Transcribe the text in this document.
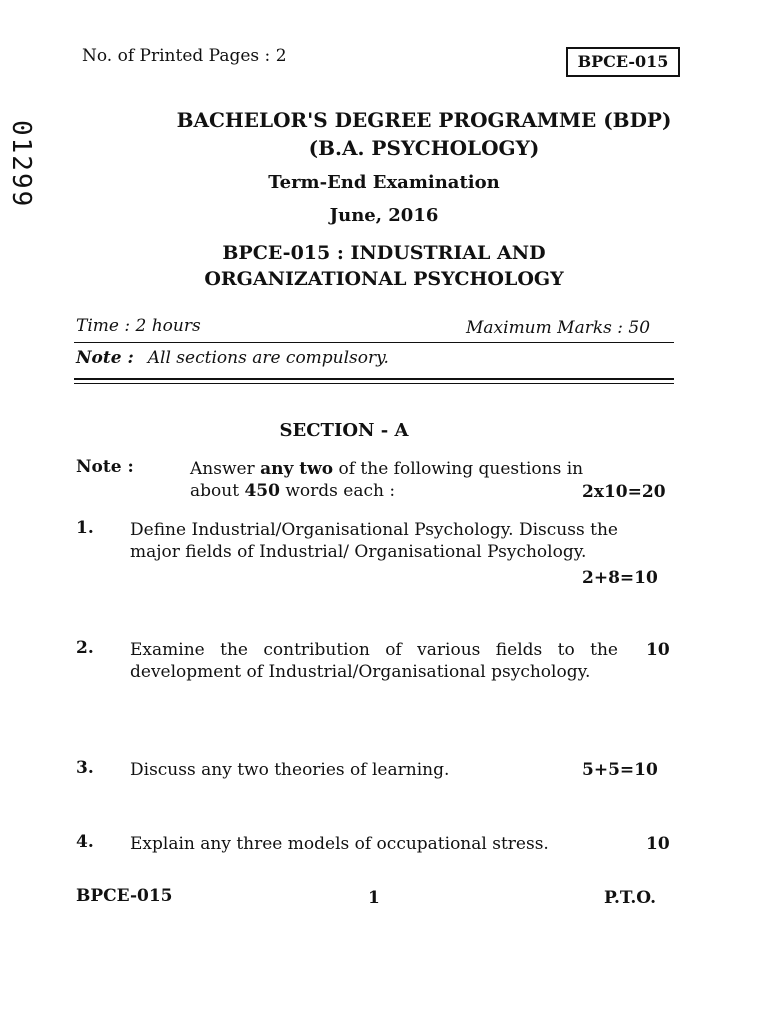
No. of Printed Pages : 2	BPCE-015
01299	BACHELOR'S DEGREE PROGRAMME (BDP)
(B.A. PSYCHOLOGY)
Term-End Examination
June, 2016
BPCE-015 : INDUSTRIAL AND
ORGANIZATIONAL PSYCHOLOGY
Time : 2 hours	Maximum Marks : 50
Note : All sections are compulsory.
SECTION - A
Note :	Answer any two of the following questions in about 450 words each :	2x10=20
1. Define Industrial/Organisational Psychology. Discuss the major fields of Industrial/ Organisational Psychology.
2+8=10
2. Examine the contribution of various fields to the development of Industrial/Organisational psychology.
10
3. Discuss any two theories of learning.	5+5=10
4. Explain any three models of occupational stress.	10
BPCE-015	1	P.T.O.
